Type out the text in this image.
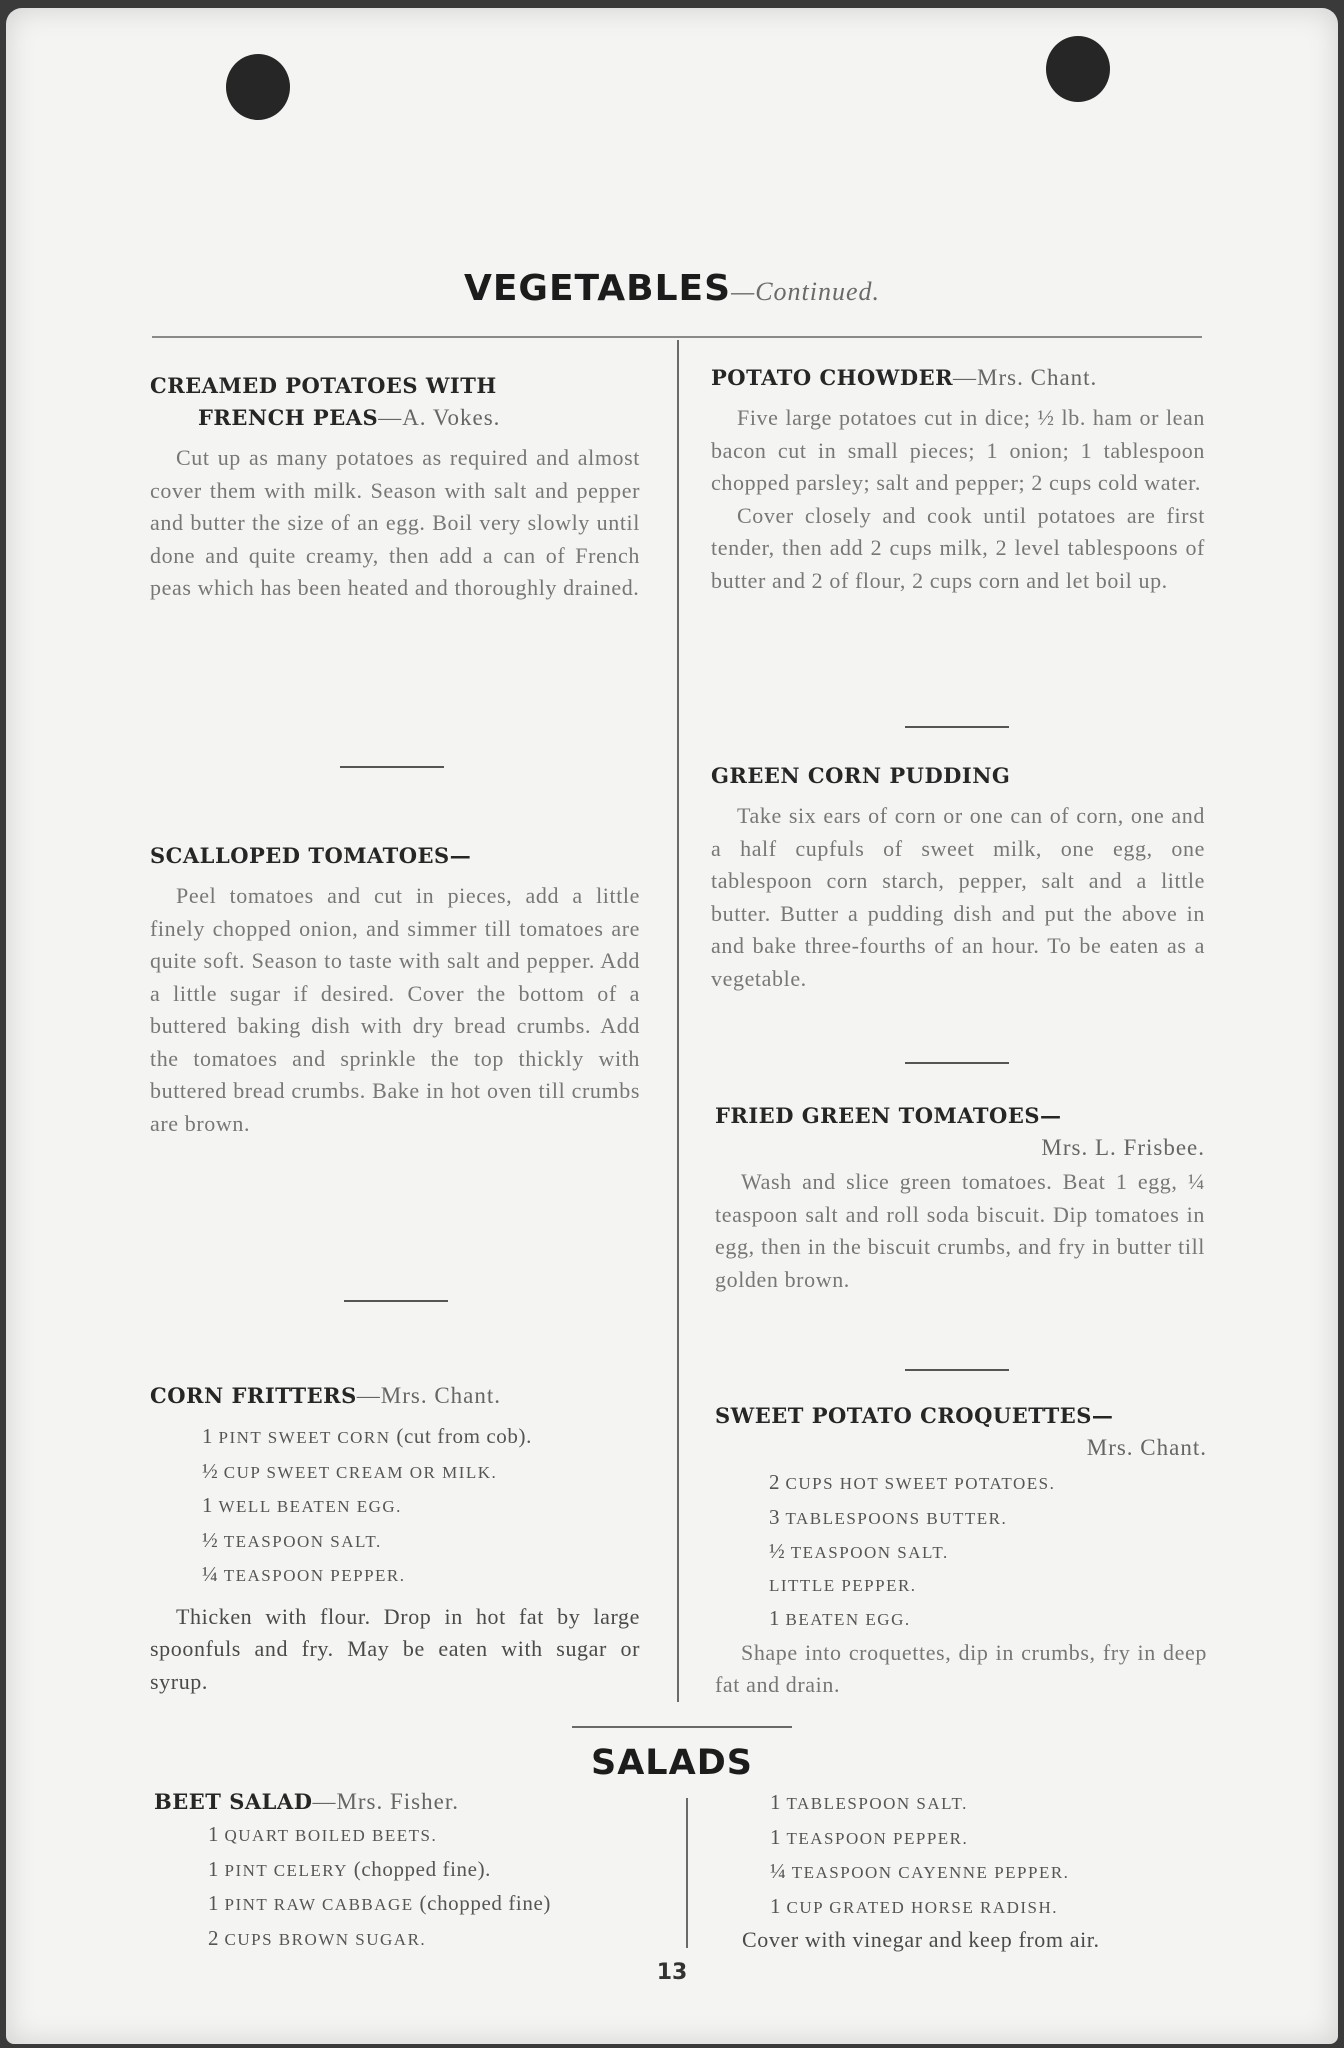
VEGETABLES—Continued.
CREAMED POTATOES WITH
FRENCH PEAS—A. Vokes.
Cut up as many potatoes as required and almost cover them with milk. Season with salt and pepper and butter the size of an egg. Boil very slowly until done and quite creamy, then add a can of French peas which has been heated and thoroughly drained.
SCALLOPED TOMATOES—
Peel tomatoes and cut in pieces, add a little finely chopped onion, and simmer till tomatoes are quite soft. Season to taste with salt and pepper. Add a little sugar if desired. Cover the bottom of a buttered baking dish with dry bread crumbs. Add the tomatoes and sprinkle the top thickly with buttered bread crumbs. Bake in hot oven till crumbs are brown.
CORN FRITTERS—Mrs. Chant.
1 PINT SWEET CORN (cut from cob).
½ CUP SWEET CREAM OR MILK.
1 WELL BEATEN EGG.
½ TEASPOON SALT.
¼ TEASPOON PEPPER.
Thicken with flour. Drop in hot fat by large spoonfuls and fry. May be eaten with sugar or syrup.
POTATO CHOWDER—Mrs. Chant.
Five large potatoes cut in dice; ½ lb. ham or lean bacon cut in small pieces; 1 onion; 1 tablespoon chopped parsley; salt and pepper; 2 cups cold water.
Cover closely and cook until potatoes are first tender, then add 2 cups milk, 2 level tablespoons of butter and 2 of flour, 2 cups corn and let boil up.
GREEN CORN PUDDING
Take six ears of corn or one can of corn, one and a half cupfuls of sweet milk, one egg, one tablespoon corn starch, pepper, salt and a little butter. Butter a pudding dish and put the above in and bake three-fourths of an hour. To be eaten as a vegetable.
FRIED GREEN TOMATOES—
Mrs. L. Frisbee.
Wash and slice green tomatoes. Beat 1 egg, ¼ teaspoon salt and roll soda biscuit. Dip tomatoes in egg, then in the biscuit crumbs, and fry in butter till golden brown.
SWEET POTATO CROQUETTES—
Mrs. Chant.
2 CUPS HOT SWEET POTATOES.
3 TABLESPOONS BUTTER.
½ TEASPOON SALT.
LITTLE PEPPER.
1 BEATEN EGG.
Shape into croquettes, dip in crumbs, fry in deep fat and drain.
SALADS
BEET SALAD—Mrs. Fisher.
1 QUART BOILED BEETS.
1 PINT CELERY (chopped fine).
1 PINT RAW CABBAGE (chopped fine)
2 CUPS BROWN SUGAR.
1 TABLESPOON SALT.
1 TEASPOON PEPPER.
¼ TEASPOON CAYENNE PEPPER.
1 CUP GRATED HORSE RADISH.
Cover with vinegar and keep from air.
13
